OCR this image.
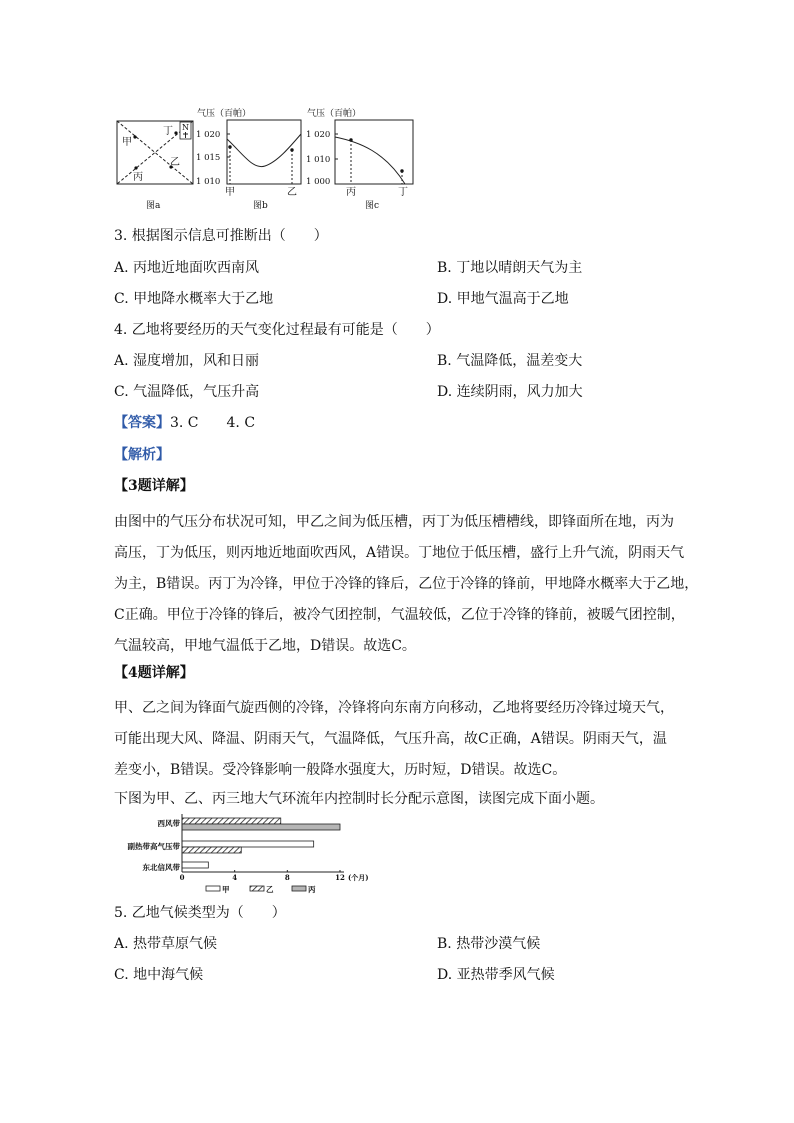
N
甲
丁
乙
丙
图a
气压（百帕）
1 020
1 015
1 010
甲	乙
图b
气压（百帕）
1 020
1 010
1 000
丙	丁
图c
3. 根据图示信息可推断出（　　）
A. 丙地近地面吹西南风	B. 丁地以晴朗天气为主
C. 甲地降水概率大于乙地	D. 甲地气温高于乙地
4. 乙地将要经历的天气变化过程最有可能是（　　）
A. 湿度增加，风和日丽	B. 气温降低，温差变大
C. 气温降低，气压升高	D. 连续阴雨，风力加大
【答案】3. C　　4. C
【解析】
【3题详解】
由图中的气压分布状况可知，甲乙之间为低压槽，丙丁为低压槽槽线，即锋面所在地，丙为
高压，丁为低压，则丙地近地面吹西风，A错误。丁地位于低压槽，盛行上升气流，阴雨天气
为主，B错误。丙丁为冷锋，甲位于冷锋的锋后，乙位于冷锋的锋前，甲地降水概率大于乙地，
C正确。甲位于冷锋的锋后，被冷气团控制，气温较低，乙位于冷锋的锋前，被暖气团控制，
气温较高，甲地气温低于乙地，D错误。故选C。
【4题详解】
甲、乙之间为锋面气旋西侧的冷锋，冷锋将向东南方向移动，乙地将要经历冷锋过境天气，
可能出现大风、降温、阴雨天气，气温降低，气压升高，故C正确，A错误。阴雨天气，温
差变小，B错误。受冷锋影响一般降水强度大，历时短，D错误。故选C。
下图为甲、乙、丙三地大气环流年内控制时长分配示意图，读图完成下面小题。
西风带
副热带高气压带
东北信风带
0	4	8	12 (个月)
甲	乙	丙
5. 乙地气候类型为（　　）
A. 热带草原气候	B. 热带沙漠气候
C. 地中海气候	D. 亚热带季风气候
